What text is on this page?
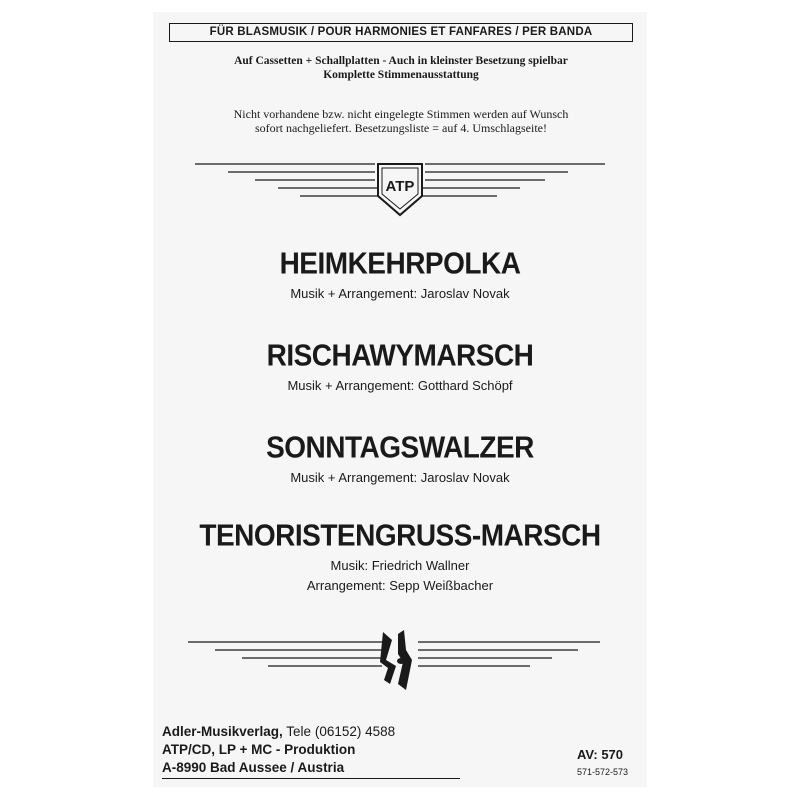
FÜR BLASMUSIK / POUR HARMONIES ET FANFARES / PER BANDA
Auf Cassetten + Schallplatten - Auch in kleinster Besetzung spielbar
Komplette Stimmenausstattung
Nicht vorhandene bzw. nicht eingelegte Stimmen werden auf Wunsch
sofort nachgeliefert. Besetzungsliste = auf 4. Umschlagseite!
ATP
HEIMKEHRPOLKA
Musik + Arrangement: Jaroslav Novak
RISCHAWYMARSCH
Musik + Arrangement: Gotthard Schöpf
SONNTAGSWALZER
Musik + Arrangement: Jaroslav Novak
TENORISTENGRUSS-MARSCH
Musik: Friedrich Wallner
Arrangement: Sepp Weißbacher
Adler-Musikverlag, Tele (06152) 4588
ATP/CD, LP + MC - Produktion
A-8990 Bad Aussee / Austria
AV: 570
571-572-573
